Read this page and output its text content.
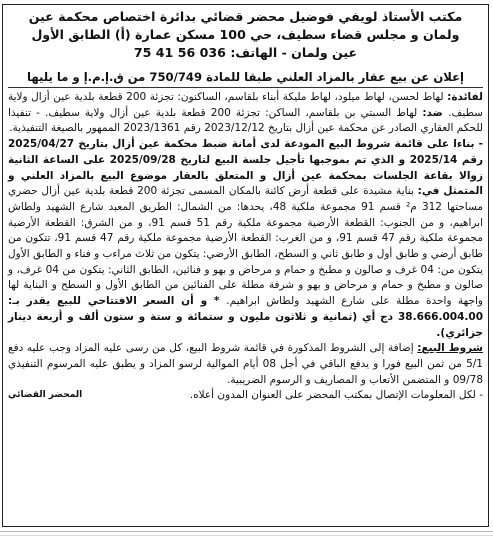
مكتب الأستاذ لويفي فوضيل محضر قضائي بدائرة اختصاص محكمة عين
ولمان و مجلس قضاء سطيف، حي 100 مسكن عمارة (أ) الطابق الأول
عين ولمان - الهاتف: 036 56 41 75
إعلان عن بيع عقار بالمزاد العلني طبقا للمادة 750/749 من ق.إ.م.إ و ما يليها

لفائدة: لهاط لحسن، لهاط ميلود، لهاط مليكة أبناء بلقاسم، الساكنون: تجزئة 200 قطعة بلدية عين أزال ولاية سطيف. ضد: لهاط السبتي بن بلقاسم، الساكن: تجزئة 200 قطعة بلدية عين أزال ولاية سطيف. - تنفيذا للحكم العقاري الصادر عن محكمة عين أزال بتاريخ 2023/12/12 رقم 2023/1361 الممهور بالصيغة التنفيذية.

- بناءا على قائمة شروط البيع المودعة لدى أمانة ضبط محكمة عين أزال بتاريخ 2025/04/27 رقم 2025/14 و الذي تم بموجبها تأجيل جلسة البيع لتاريخ 2025/09/28 على الساعة الثانية زوالا بقاعة الجلسات بمحكمة عين أزال و المتعلق بالعقار موضوع البيع بالمزاد العلني و المتمثل في: بناية مشيدة على قطعة أرض كائنة بالمكان المسمى تجزئة 200 قطعة بلدية عين أزال حضري مساحتها 312 م² قسم 91 مجموعة ملكية 48، يحدها: من الشمال: الطريق المعبد شارع الشهيد ولطاش ابراهيم، و من الجنوب: القطعة الأرضية مجموعة ملكية رقم 51 قسم 91، و من الشرق: القطعة الأرضية مجموعة ملكية رقم 47 قسم 91، و من الغرب: القطعة الأرضية مجموعة ملكية رقم 47 قسم 91، تتكون من طابق أرضي و طابق أول و طابق ثاني و السطح، الطابق الأرضي: يتكون من ثلاث مراءب و فناء و الطابق الأول يتكون من: 04 غرف و صالون و مطبخ و حمام و مرحاض و بهو و فنائين، الطابق الثاني: يتكون من 04 غرف، و صالون و مطبخ و حمام و مرحاض و بهو و شرفة مطلة على الفنائين من الطابق الأول و السطح و البناية لها واجهة واحدة مطلة على شارع الشهيد ولطاش ابراهيم. * و أن السعر الافتتاحي للبيع يقدر بـ: 38.666.004.00 دج أي (ثمانية و ثلاثون مليون و ستمائة و ستة و ستون ألف و أربعة دينار جزائري).

شروط البيع: إضافة إلى الشروط المذكورة في قائمة شروط البيع، كل من رسى عليه المزاد وجب عليه دفع 5/1 من ثمن البيع فورا و يدفع الباقي في أجل 08 أيام الموالية لرسو المزاد و يطبق عليه المرسوم التنفيذي 09/78 و المتضمن الأتعاب و المصاريف و الرسوم الضريبية.

- لكل المعلومات الإتصال بمكتب المحضر على العنوان المدون أعلاه.
المحضر القضائي
